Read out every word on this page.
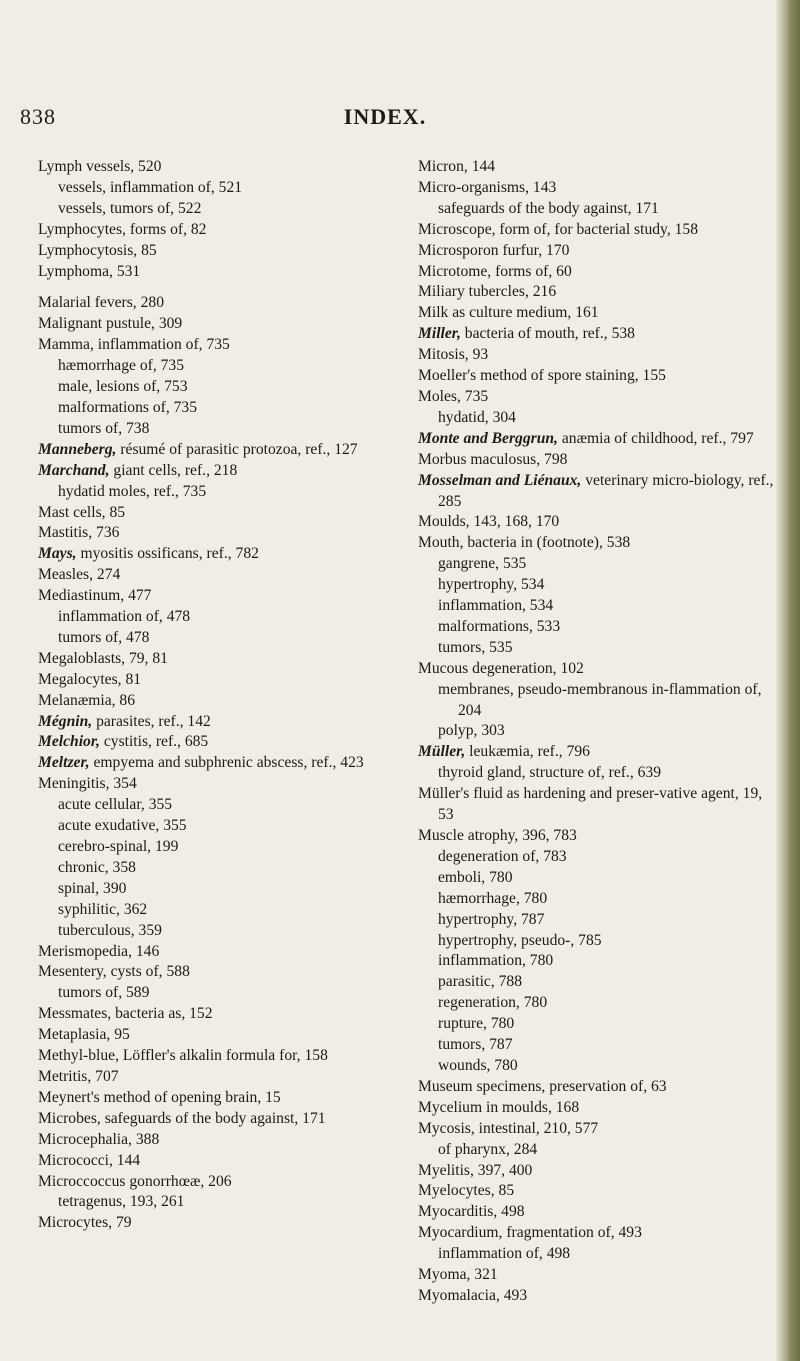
838	INDEX.
Lymph vessels, 520
vessels, inflammation of, 521
vessels, tumors of, 522
Lymphocytes, forms of, 82
Lymphocytosis, 85
Lymphoma, 531
Malarial fevers, 280
Malignant pustule, 309
Mamma, inflammation of, 735
hæmorrhage of, 735
male, lesions of, 753
malformations of, 735
tumors of, 738
Manneberg, résumé of parasitic protozoa, ref., 127
Marchand, giant cells, ref., 218
hydatid moles, ref., 735
Mast cells, 85
Mastitis, 736
Mays, myositis ossificans, ref., 782
Measles, 274
Mediastinum, 477
inflammation of, 478
tumors of, 478
Megaloblasts, 79, 81
Megalocytes, 81
Melanæmia, 86
Mégnin, parasites, ref., 142
Melchior, cystitis, ref., 685
Meltzer, empyema and subphrenic abscess, ref., 423
Meningitis, 354
acute cellular, 355
acute exudative, 355
cerebro-spinal, 199
chronic, 358
spinal, 390
syphilitic, 362
tuberculous, 359
Merismopedia, 146
Mesentery, cysts of, 588
tumors of, 589
Messmates, bacteria as, 152
Metaplasia, 95
Methyl-blue, Löffler's alkalin formula for, 158
Metritis, 707
Meynert's method of opening brain, 15
Microbes, safeguards of the body against, 171
Microcephalia, 388
Micrococci, 144
Microccoccus gonorrhœæ, 206
tetragenus, 193, 261
Microcytes, 79
Micron, 144
Micro-organisms, 143
safeguards of the body against, 171
Microscope, form of, for bacterial study, 158
Microsporon furfur, 170
Microtome, forms of, 60
Miliary tubercles, 216
Milk as culture medium, 161
Miller, bacteria of mouth, ref., 538
Mitosis, 93
Moeller's method of spore staining, 155
Moles, 735
hydatid, 304
Monte and Berggrun, anæmia of childhood, ref., 797
Morbus maculosus, 798
Mosselman and Liénaux, veterinary micro-biology, ref., 285
Moulds, 143, 168, 170
Mouth, bacteria in (footnote), 538
gangrene, 535
hypertrophy, 534
inflammation, 534
malformations, 533
tumors, 535
Mucous degeneration, 102
membranes, pseudo-membranous in-flammation of, 204
polyp, 303
Müller, leukæmia, ref., 796
thyroid gland, structure of, ref., 639
Müller's fluid as hardening and preser-vative agent, 19, 53
Muscle atrophy, 396, 783
degeneration of, 783
emboli, 780
hæmorrhage, 780
hypertrophy, 787
hypertrophy, pseudo-, 785
inflammation, 780
parasitic, 788
regeneration, 780
rupture, 780
tumors, 787
wounds, 780
Museum specimens, preservation of, 63
Mycelium in moulds, 168
Mycosis, intestinal, 210, 577
of pharynx, 284
Myelitis, 397, 400
Myelocytes, 85
Myocarditis, 498
Myocardium, fragmentation of, 493
inflammation of, 498
Myoma, 321
Myomalacia, 493
